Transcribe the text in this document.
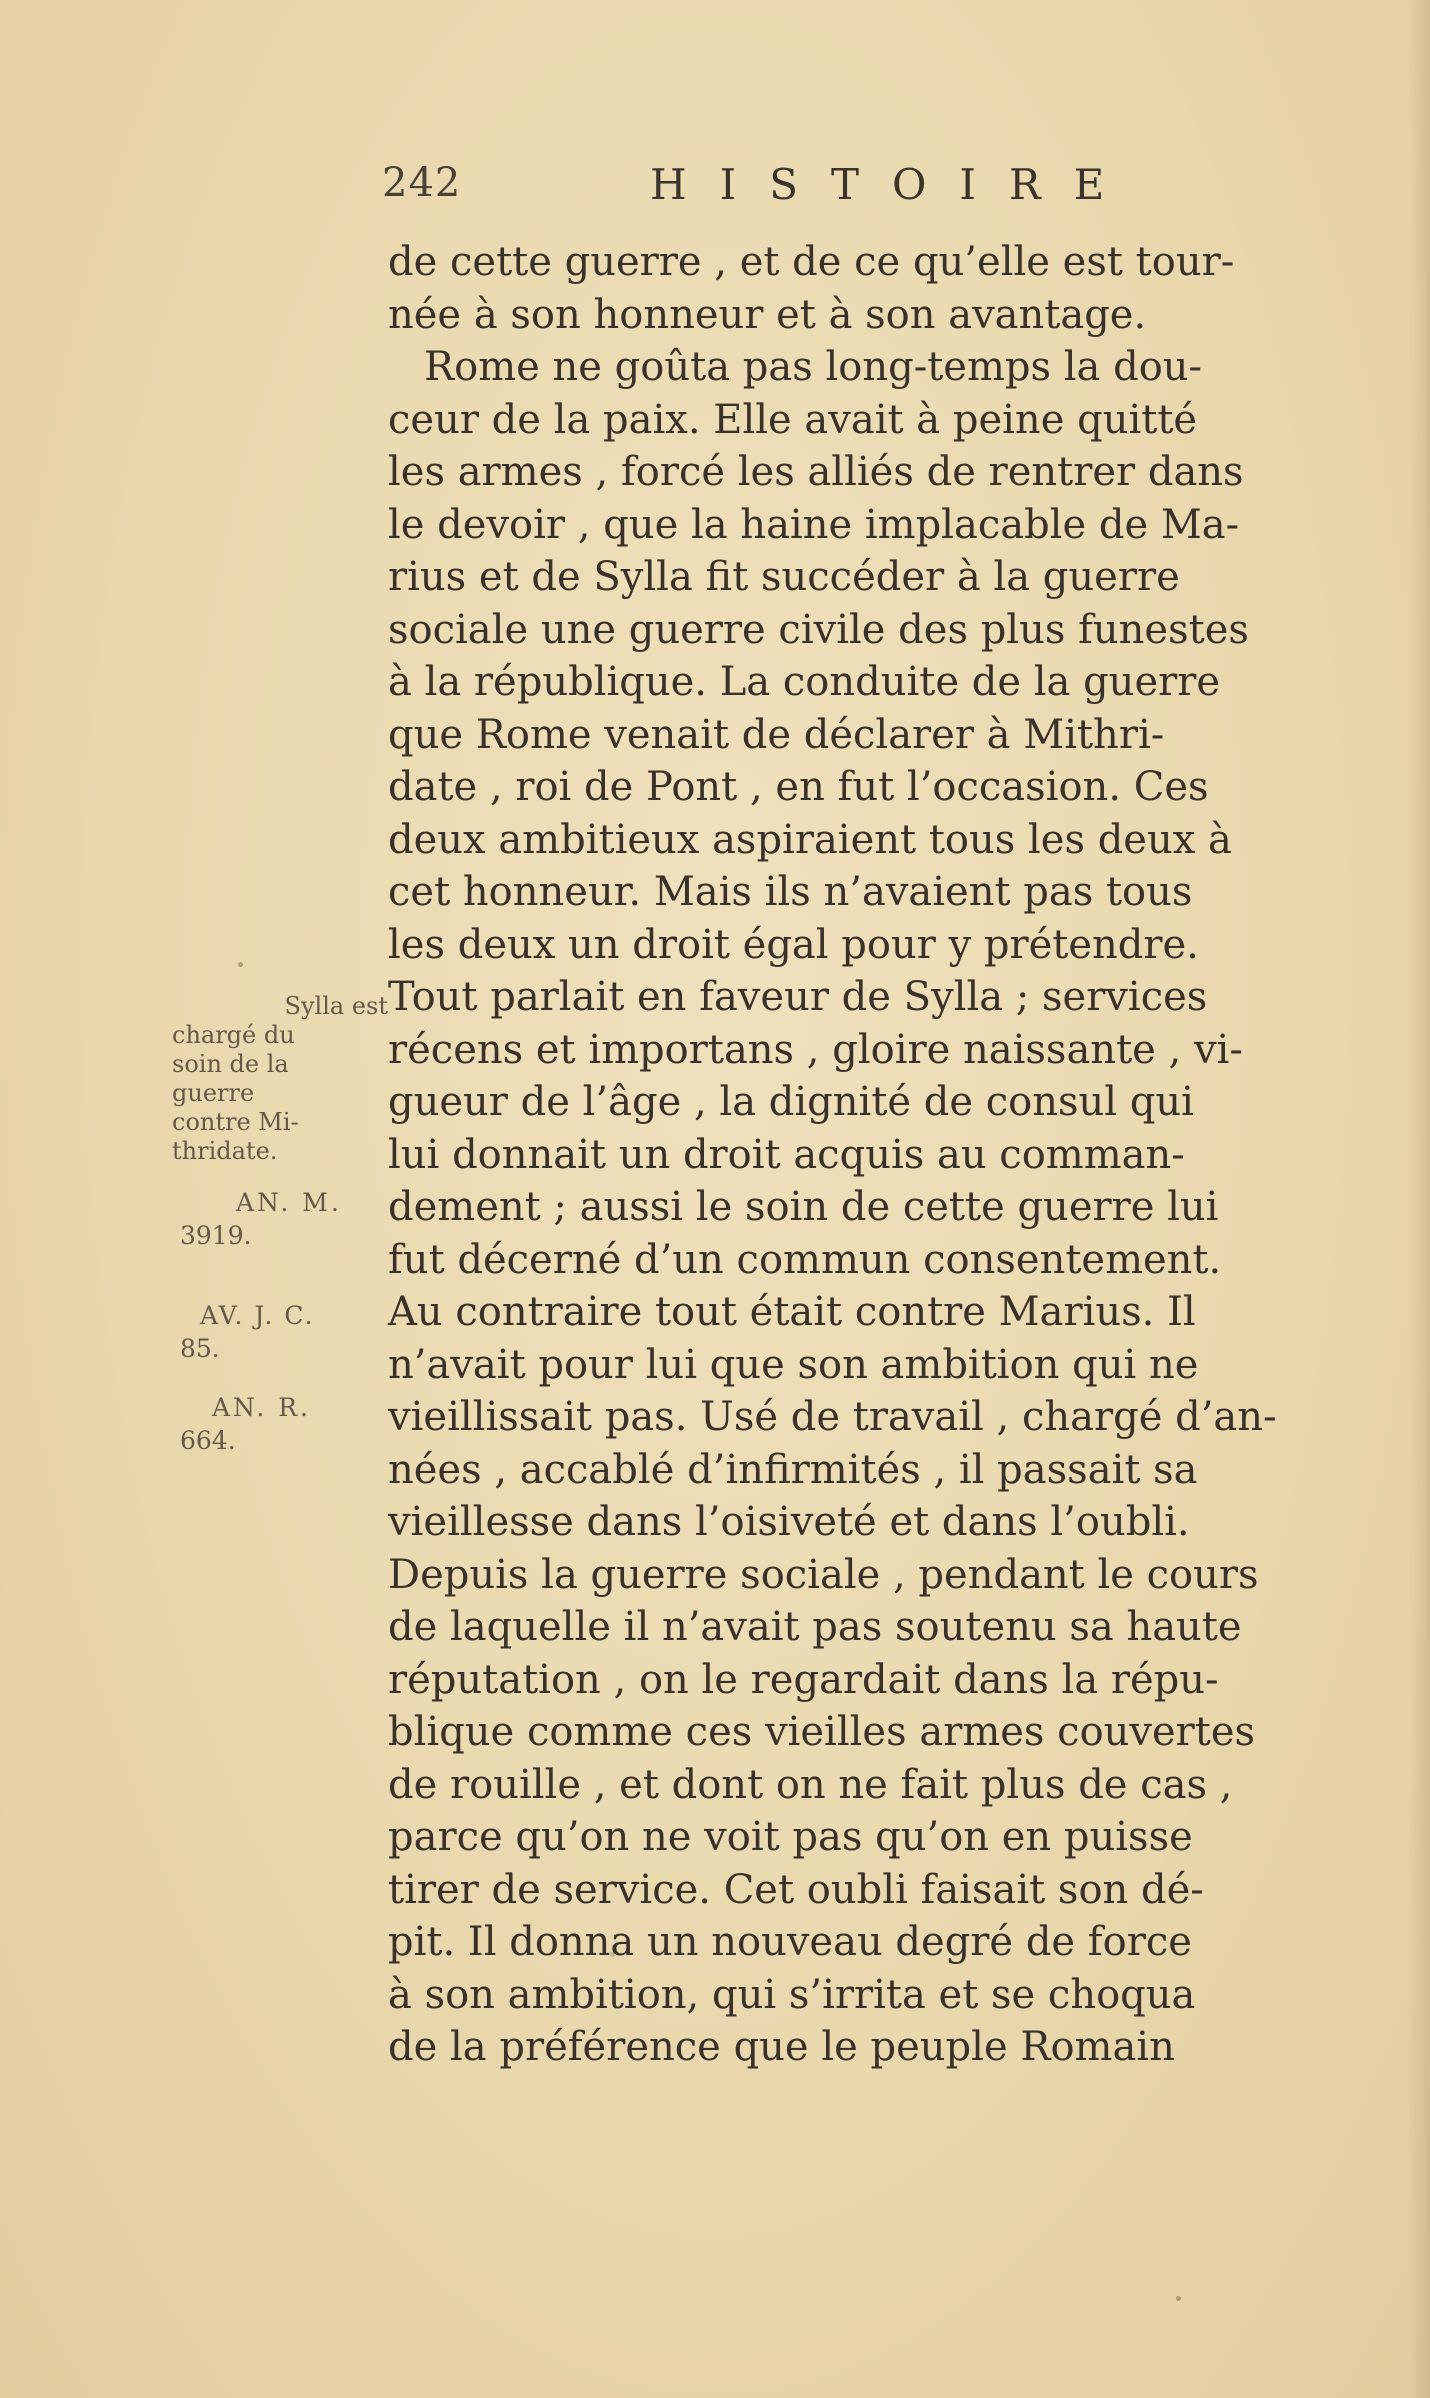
242	HISTOIRE
de cette guerre , et de ce qu’elle est tour-
née à son honneur et à son avantage.
Rome ne goûta pas long-temps la dou-
ceur de la paix. Elle avait à peine quitté
les armes , forcé les alliés de rentrer dans
le devoir , que la haine implacable de Ma-
rius et de Sylla fit succéder à la guerre
sociale une guerre civile des plus funestes
à la république. La conduite de la guerre
que Rome venait de déclarer à Mithri-
date , roi de Pont , en fut l’occasion. Ces
deux ambitieux aspiraient tous les deux à
cet honneur. Mais ils n’avaient pas tous
les deux un droit égal pour y prétendre.
Tout parlait en faveur de Sylla ; services
récens et importans , gloire naissante , vi-
gueur de l’âge , la dignité de consul qui
lui donnait un droit acquis au comman-
dement ; aussi le soin de cette guerre lui
fut décerné d’un commun consentement.
Au contraire tout était contre Marius. Il
n’avait pour lui que son ambition qui ne
vieillissait pas. Usé de travail , chargé d’an-
nées , accablé d’infirmités , il passait sa
vieillesse dans l’oisiveté et dans l’oubli.
Depuis la guerre sociale , pendant le cours
de laquelle il n’avait pas soutenu sa haute
réputation , on le regardait dans la répu-
blique comme ces vieilles armes couvertes
de rouille , et dont on ne fait plus de cas ,
parce qu’on ne voit pas qu’on en puisse
tirer de service. Cet oubli faisait son dé-
pit. Il donna un nouveau degré de force
à son ambition, qui s’irrita et se choqua
de la préférence que le peuple Romain
Sylla est
chargé du
soin de la
guerre
contre Mi-
thridate.
AN. M.
3919.
AV. J. C.
85.
AN. R.
664.
